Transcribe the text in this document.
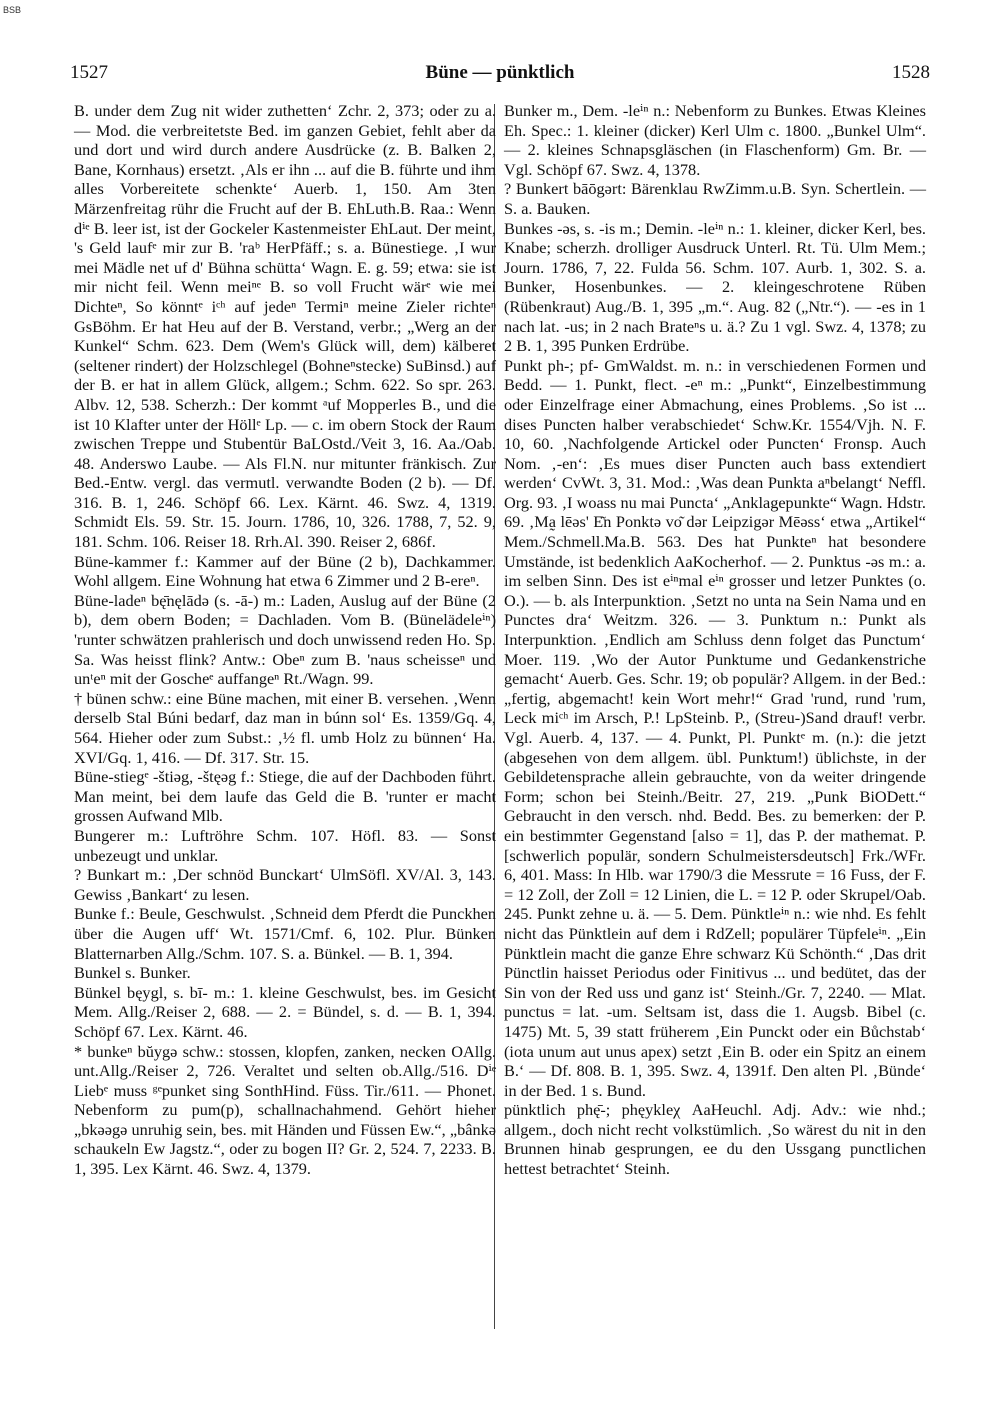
BSB
1527	Büne — pünktlich	1528

B. under dem Zug nit wider zuthetten‘ Zchr. 2, 373; oder zu a. — Mod. die verbreitetste Bed. im ganzen Gebiet, fehlt aber da und dort und wird durch andere Ausdrücke (z. B. Balken 2, Bane, Kornhaus) ersetzt. ‚Als er ihn ... auf die B. führte und ihm alles Vorbereitete schenkte‘ Auerb. 1, 150. Am 3ten Märzenfreitag rühr die Frucht auf der B. EhLuth.B. Raa.: Wenn dⁱᵉ B. leer ist, ist der Gockeler Kastenmeister EhLaut. Der meint, 's Geld laufᵉ mir zur B. 'raᵇ HerPfäff.; s. a. Bünestiege. ‚I wur mei Mädle net uf d' Bühna schütta‘ Wagn. E. g. 59; etwa: sie ist mir nicht feil. Wenn meiⁿᵉ B. so voll Frucht wärᵉ wie mei Dichteⁿ, So könntᵉ iᶜʰ auf jedeⁿ Termiⁿ meine Zieler richteⁿ GsBöhm. Er hat Heu auf der B. Verstand, verbr.; „Werg an der Kunkel“ Schm. 623. Dem (Wem's Glück will, dem) kälberet (seltener rindert) der Holzschlegel (Bohneⁿstecke) SuBinsd.) auf der B. er hat in allem Glück, allgem.; Schm. 622. So spr. 263. Albv. 12, 538. Scherzh.: Der kommt ᵃuf Mopperles B., und die ist 10 Klafter unter der Höllᵉ Lp. — c. im obern Stock der Raum zwischen Treppe und Stubentür BaLOstd./Veit 3, 16. Aa./Oab. 48. Anderswo Laube. — Als Fl.N. nur mitunter fränkisch. Zur Bed.-Entw. vergl. das vermutl. verwandte Boden (2 b). — Df. 316. B. 1, 246. Schöpf 66. Lex. Kärnt. 46. Swz. 4, 1319. Schmidt Els. 59. Str. 15. Journ. 1786, 10, 326. 1788, 7, 52. 9, 181. Schm. 106. Reiser 18. Rrh.Al. 390. Reiser 2, 686f.

Büne-kammer f.: Kammer auf der Büne (2 b), Dachkammer. Wohl allgem. Eine Wohnung hat etwa 6 Zimmer und 2 B-ereⁿ.

Büne-ladeⁿ bę̄nęlādə (s. -ā-) m.: Laden, Auslug auf der Büne (2 b), dem obern Boden; = Dachladen. Vom B. (Bünelädeleⁱⁿ) 'runter schwätzen prahlerisch und doch unwissend reden Ho. Sp. Sa. Was heisst flink? Antw.: Obeⁿ zum B. 'naus scheisseⁿ und unᵗeⁿ mit der Goscheᵉ auffangeⁿ Rt./Wagn. 99.

† bünen schw.: eine Büne machen, mit einer B. versehen. ‚Wenn derselb Stal Búni bedarf, daz man in búnn sol‘ Es. 1359/Gq. 4, 564. Hieher oder zum Subst.: ‚½ fl. umb Holz zu bünnen‘ Ha. XVI/Gq. 1, 416. — Df. 317. Str. 15.

Büne-stiegᵉ -štiəg, -štęəg f.: Stiege, die auf der Dachboden führt. Man meint, bei dem laufe das Geld die B. 'runter er macht grossen Aufwand Mlb.

Bungerer m.: Luftröhre Schm. 107. Höfl. 83. — Sonst unbezeugt und unklar.

? Bunkart m.: ‚Der schnöd Bunckart‘ UlmSöfl. XV/Al. 3, 143. Gewiss ‚Bankart‘ zu lesen.

Bunke f.: Beule, Geschwulst. ‚Schneid dem Pferdt die Punckhen über die Augen uff‘ Wt. 1571/Cmf. 6, 102. Plur. Bünken Blatternarben Allg./Schm. 107. S. a. Bünkel. — B. 1, 394.

Bunkel s. Bunker.

Bünkel bęygl, s. bī- m.: 1. kleine Geschwulst, bes. im Gesicht Mem. Allg./Reiser 2, 688. — 2. = Bündel, s. d. — B. 1, 394. Schöpf 67. Lex. Kärnt. 46.

* bunkeⁿ bŭygə schw.: stossen, klopfen, zanken, necken OAllg. unt.Allg./Reiser 2, 726. Veraltet und selten ob.Allg./516. Dⁱᵉ Liebᵉ muss ᵍᵉpunket sing SonthHind. Füss. Tir./611. — Phonet. Nebenform zu pum(p), schallnachahmend. Gehört hieher „bkəəgə unruhig sein, bes. mit Händen und Füssen Ew.“, „bânkə schaukeln Ew Jagstz.“, oder zu bogen II? Gr. 2, 524. 7, 2233. B. 1, 395. Lex Kärnt. 46. Swz. 4, 1379.

Bunker m., Dem. -leⁱⁿ n.: Nebenform zu Bunkes. Etwas Kleines Eh. Spec.: 1. kleiner (dicker) Kerl Ulm c. 1800. „Bunkel Ulm“. — 2. kleines Schnapsgläschen (in Flaschenform) Gm. Br. — Vgl. Schöpf 67. Swz. 4, 1378.

? Bunkert bāōgərt: Bärenklau RwZimm.u.B. Syn. Schertlein. — S. a. Bauken.

Bunkes -əs, s. -is m.; Demin. -leⁱⁿ n.: 1. kleiner, dicker Kerl, bes. Knabe; scherzh. drolliger Ausdruck Unterl. Rt. Tü. Ulm Mem.; Journ. 1786, 7, 22. Fulda 56. Schm. 107. Aurb. 1, 302. S. a. Bunker, Hosenbunkes. — 2. kleingeschrotene Rüben (Rübenkraut) Aug./B. 1, 395 „m.“. Aug. 82 („Ntr.“). — -es in 1 nach lat. -us; in 2 nach Brateⁿs u. ä.? Zu 1 vgl. Swz. 4, 1378; zu 2 B. 1, 395 Punken Erdrübe.

Punkt ph-; pf- GmWaldst. m. n.: in verschiedenen Formen und Bedd. — 1. Punkt, flect. -eⁿ m.: „Punkt“, Einzelbestimmung oder Einzelfrage einer Abmachung, eines Problems. ‚So ist ... dises Puncten halber verabschiedet‘ Schw.Kr. 1554/Vjh. N. F. 10, 60. ‚Nachfolgende Artickel oder Puncten‘ Fronsp. Auch Nom. ‚-en‘: ‚Es mues diser Puncten auch bass extendiert werden‘ CvWt. 3, 31. Mod.: ‚Was dean Punkta aⁿbelangt‘ Neffl. Org. 93. ‚I woass nu mai Puncta‘ „Anklagepunkte“ Wagn. Hdstr. 69. ‚Ma̰ lēəs' E͂n Ponktə vo͂ dər Leipzigər Mēəss‘ etwa „Artikel“ Mem./Schmell.Ma.B. 563. Des hat Punkteⁿ hat besondere Umstände, ist bedenklich AaKocherhof. — 2. Punktus -əs m.: a. im selben Sinn. Des ist eⁱⁿmal eⁱⁿ grosser und letzer Punktes (o. O.). — b. als Interpunktion. ‚Setzt no unta na Sein Nama und en Punctes dra‘ Weitzm. 326. — 3. Punktum n.: Punkt als Interpunktion. ‚Endlich am Schluss denn folget das Punctum‘ Moer. 119. ‚Wo der Autor Punktume und Gedankenstriche gemacht‘ Auerb. Ges. Schr. 19; ob populär? Allgem. in der Bed.: „fertig, abgemacht! kein Wort mehr!“ Grad 'rund, rund 'rum, Leck miᶜʰ im Arsch, P.! LpSteinb. P., (Streu-)Sand drauf! verbr. Vgl. Auerb. 4, 137. — 4. Punkt, Pl. Punktᵉ m. (n.): die jetzt (abgesehen von dem allgem. übl. Punktum!) üblichste, in der Gebildetensprache allein gebrauchte, von da weiter dringende Form; schon bei Steinh./Beitr. 27, 219. „Punk BiODett.“ Gebraucht in den versch. nhd. Bedd. Bes. zu bemerken: der P. ein bestimmter Gegenstand [also = 1], das P. der mathemat. P. [schwerlich populär, sondern Schulmeistersdeutsch] Frk./WFr. 6, 401. Mass: In Hlb. war 1790/3 die Messrute = 16 Fuss, der F. = 12 Zoll, der Zoll = 12 Linien, die L. = 12 P. oder Skrupel/Oab. 245. Punkt zehne u. ä. — 5. Dem. Pünktleⁱⁿ n.: wie nhd. Es fehlt nicht das Pünktlein auf dem i RdZell; populärer Tüpfeleⁱⁿ. „Ein Pünktlein macht die ganze Ehre schwarz Kü Schönth.“ ‚Das drit Pünctlin haisset Periodus oder Finitivus ... und bedütet, das der Sin von der Red uss und ganz ist‘ Steinh./Gr. 7, 2240. — Mlat. punctus = lat. -um. Seltsam ist, dass die 1. Augsb. Bibel (c. 1475) Mt. 5, 39 statt früherem ‚Ein Punckt oder ein Bůchstab‘ (iota unum aut unus apex) setzt ‚Ein B. oder ein Spitz an einem B.‘ — Df. 808. B. 1, 395. Swz. 4, 1391f. Den alten Pl. ‚Bünde‘ in der Bed. 1 s. Bund.

pünktlich phę̄-; phęykleχ AaHeuchl. Adj. Adv.: wie nhd.; allgem., doch nicht recht volkstümlich. ‚So wärest du nit in den Brunnen hinab gesprungen, ee du den Ussgang punctlichen hettest betrachtet‘ Steinh.
